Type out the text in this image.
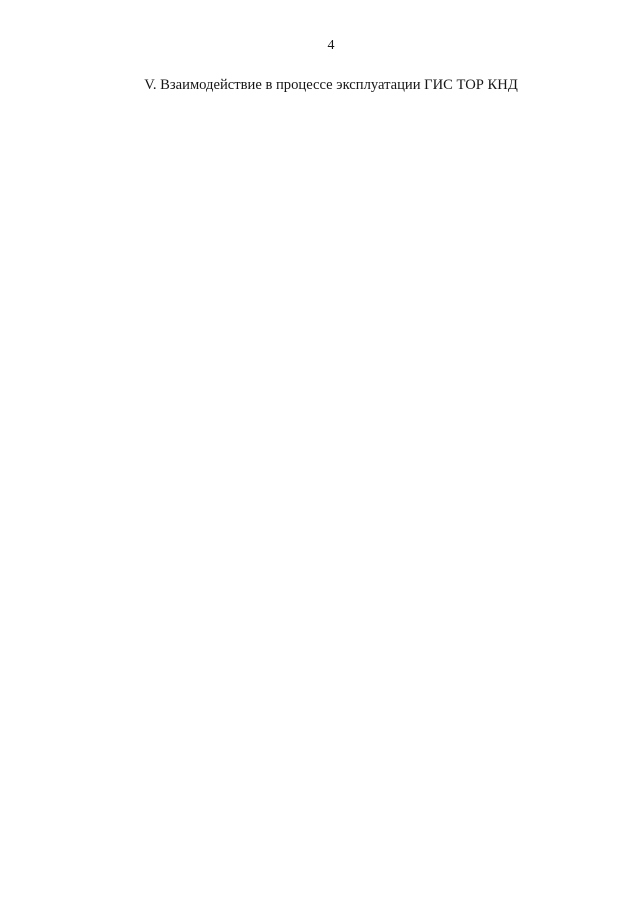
4

V. Взаимодействие в процессе эксплуатации ГИС ТОР КНД
